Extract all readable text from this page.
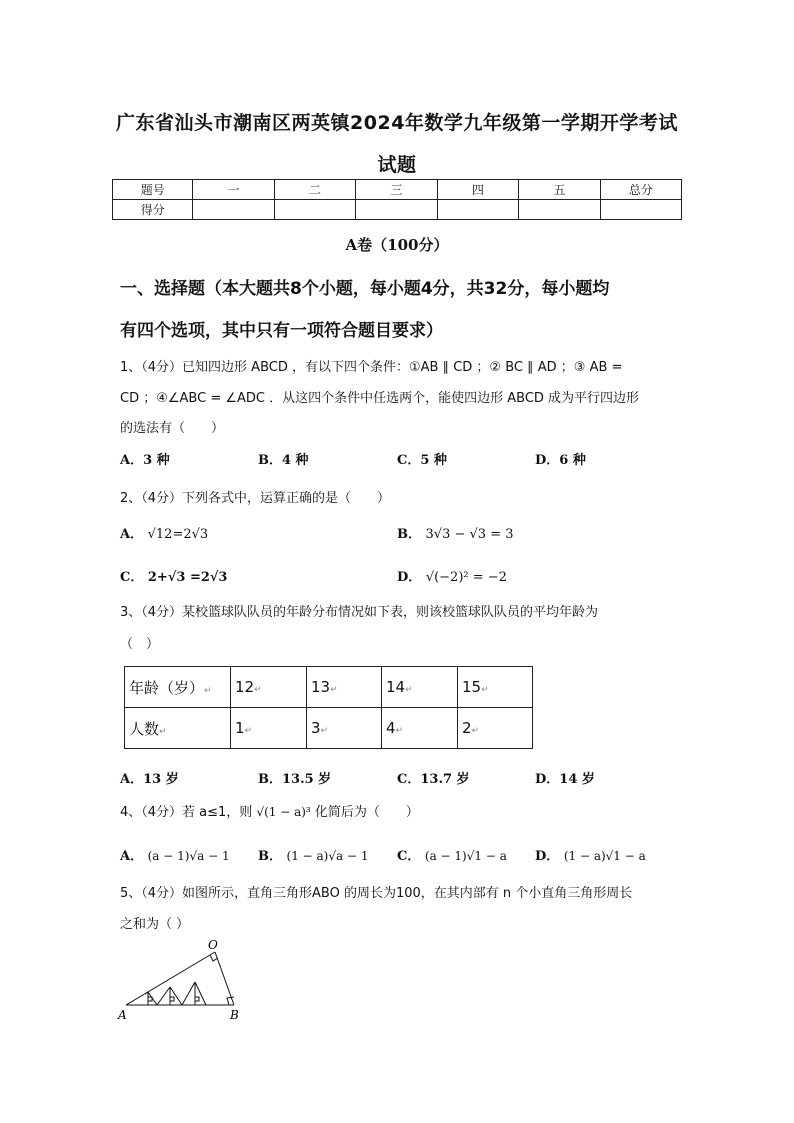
广东省汕头市潮南区两英镇2024年数学九年级第一学期开学考试
试题
题号	一	二	三	四	五	总分
得分						
A卷（100分）
一、选择题（本大题共8个小题，每小题4分，共32分，每小题均
有四个选项，其中只有一项符合题目要求）
1、（4分）已知四边形 ABCD ，有以下四个条件：①AB ∥ CD ；② BC ∥ AD ；③ AB =
CD ；④∠ABC = ∠ADC ．从这四个条件中任选两个，能使四边形 ABCD 成为平行四边形
的选法有（　　）
A．3 种	B．4 种	C．5 种	D．6 种
2、（4分）下列各式中，运算正确的是（　　）
A． √12=2√3	B． 3√3 − √3 = 3
C． 2+√3 =2√3	D． √(−2)² = −2
3、（4分）某校篮球队队员的年龄分布情况如下表，则该校篮球队队员的平均年龄为
（　）
年龄（岁）↵	12↵	13↵	14↵	15↵
人数↵	1↵	3↵	4↵	2↵
A．13 岁	B．13.5 岁	C．13.7 岁	D．14 岁
4、（4分）若 a≤1，则 √(1 − a)³ 化简后为（　　）
A． (a − 1)√a − 1 B． (1 − a)√a − 1 C． (a − 1)√1 − a D． (1 − a)√1 − a
5、（4分）如图所示，直角三角形ABO 的周长为100，在其内部有 n 个小直角三角形周长
之和为（ ）
O
A	B
